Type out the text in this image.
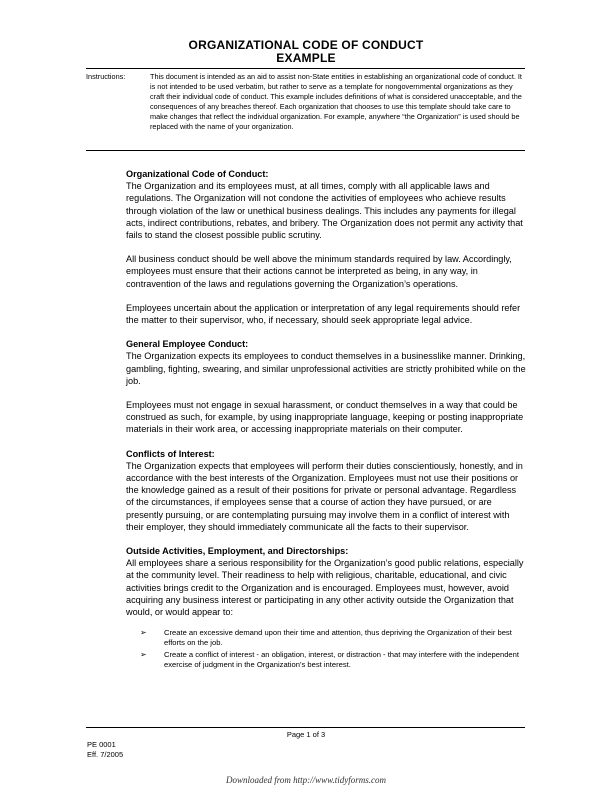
ORGANIZATIONAL CODE OF CONDUCT
EXAMPLE
Instructions:	This document is intended as an aid to assist non-State entities in establishing an organizational code of conduct. It is not intended to be used verbatim, but rather to serve as a template for nongovernmental organizations as they craft their individual code of conduct. This example includes definitions of what is considered unacceptable, and the consequences of any breaches thereof. Each organization that chooses to use this template should take care to make changes that reflect the individual organization. For example, anywhere “the Organization” is used should be replaced with the name of your organization.

Organizational Code of Conduct:

The Organization and its employees must, at all times, comply with all applicable laws and regulations. The Organization will not condone the activities of employees who achieve results through violation of the law or unethical business dealings. This includes any payments for illegal acts, indirect contributions, rebates, and bribery. The Organization does not permit any activity that fails to stand the closest possible public scrutiny.

All business conduct should be well above the minimum standards required by law. Accordingly, employees must ensure that their actions cannot be interpreted as being, in any way, in contravention of the laws and regulations governing the Organization’s operations.

Employees uncertain about the application or interpretation of any legal requirements should refer the matter to their supervisor, who, if necessary, should seek appropriate legal advice.

General Employee Conduct:

The Organization expects its employees to conduct themselves in a businesslike manner. Drinking, gambling, fighting, swearing, and similar unprofessional activities are strictly prohibited while on the job.

Employees must not engage in sexual harassment, or conduct themselves in a way that could be construed as such, for example, by using inappropriate language, keeping or posting inappropriate materials in their work area, or accessing inappropriate materials on their computer.

Conflicts of Interest:

The Organization expects that employees will perform their duties conscientiously, honestly, and in accordance with the best interests of the Organization. Employees must not use their positions or the knowledge gained as a result of their positions for private or personal advantage. Regardless of the circumstances, if employees sense that a course of action they have pursued, or are presently pursuing, or are contemplating pursuing may involve them in a conflict of interest with their employer, they should immediately communicate all the facts to their supervisor.

Outside Activities, Employment, and Directorships:

All employees share a serious responsibility for the Organization’s good public relations, especially at the community level. Their readiness to help with religious, charitable, educational, and civic activities brings credit to the Organization and is encouraged. Employees must, however, avoid acquiring any business interest or participating in any other activity outside the Organization that would, or would appear to:

➢ Create an excessive demand upon their time and attention, thus depriving the Organization of their best efforts on the job.
➢ Create a conflict of interest - an obligation, interest, or distraction - that may interfere with the independent exercise of judgment in the Organization’s best interest.
Page 1 of 3
PE 0001
Eff. 7/2005
Downloaded from http://www.tidyforms.com
